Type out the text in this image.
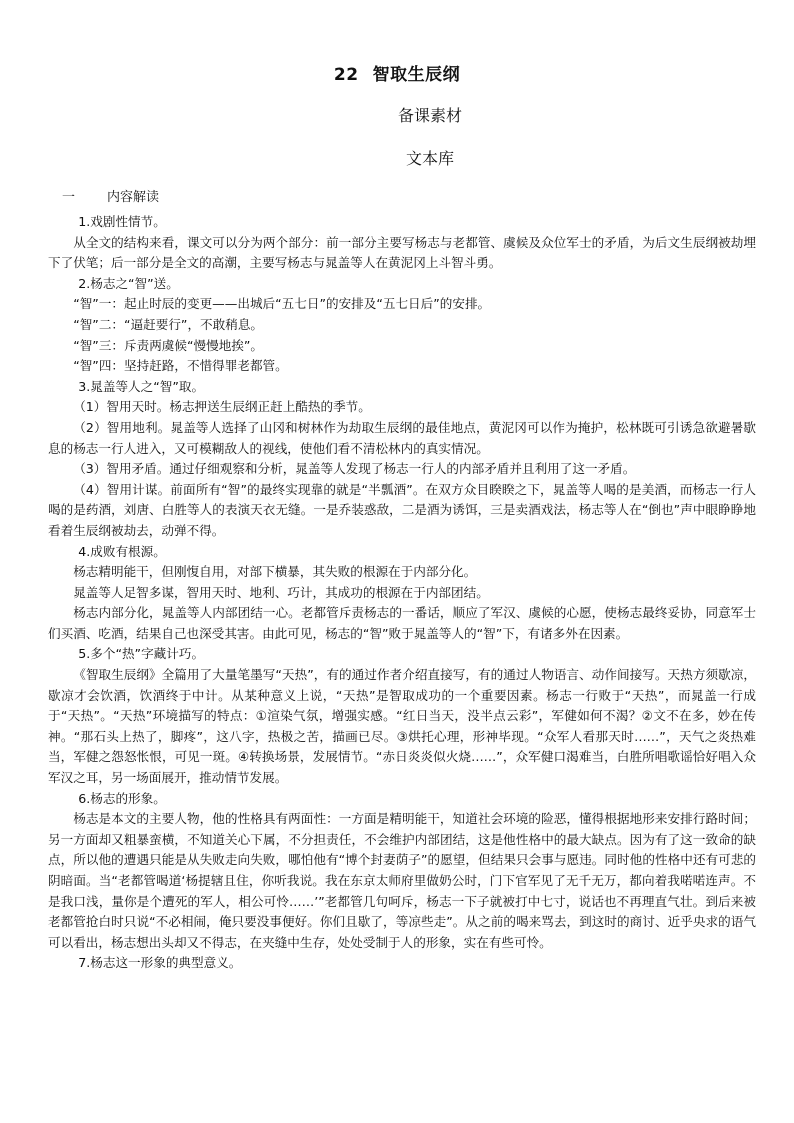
22 智取生辰纲
备课素材
文本库
一 内容解读

1.戏剧性情节。

从全文的结构来看，课文可以分为两个部分：前一部分主要写杨志与老都管、虞候及众位军士的矛盾，为后文生辰纲被劫埋下了伏笔；后一部分是全文的高潮，主要写杨志与晁盖等人在黄泥冈上斗智斗勇。

2.杨志之“智”送。

“智”一：起止时辰的变更——出城后“五七日”的安排及“五七日后”的安排。

“智”二：“逼赶要行”，不敢稍息。

“智”三：斥责两虞候“慢慢地挨”。

“智”四：坚持赶路，不惜得罪老都管。

3.晁盖等人之“智”取。

（1）智用天时。杨志押送生辰纲正赶上酷热的季节。

（2）智用地利。晁盖等人选择了山冈和树林作为劫取生辰纲的最佳地点，黄泥冈可以作为掩护，松林既可引诱急欲避暑歇息的杨志一行人进入，又可模糊敌人的视线，使他们看不清松林内的真实情况。

（3）智用矛盾。通过仔细观察和分析，晁盖等人发现了杨志一行人的内部矛盾并且利用了这一矛盾。

（4）智用计谋。前面所有“智”的最终实现靠的就是“半瓢酒”。在双方众目睽睽之下，晁盖等人喝的是美酒，而杨志一行人喝的是药酒，刘唐、白胜等人的表演天衣无缝。一是乔装惑敌，二是酒为诱饵，三是卖酒戏法，杨志等人在“倒也”声中眼睁睁地看着生辰纲被劫去，动弹不得。

4.成败有根源。

杨志精明能干，但刚愎自用，对部下横暴，其失败的根源在于内部分化。

晁盖等人足智多谋，智用天时、地利、巧计，其成功的根源在于内部团结。

杨志内部分化，晁盖等人内部团结一心。老都管斥责杨志的一番话，顺应了军汉、虞候的心愿，使杨志最终妥协，同意军士们买酒、吃酒，结果自己也深受其害。由此可见，杨志的“智”败于晁盖等人的“智”下，有诸多外在因素。

5.多个“热”字藏计巧。

《智取生辰纲》全篇用了大量笔墨写“天热”，有的通过作者介绍直接写，有的通过人物语言、动作间接写。天热方须歇凉，歇凉才会饮酒，饮酒终于中计。从某种意义上说，“天热”是智取成功的一个重要因素。杨志一行败于“天热”，而晁盖一行成于“天热”。“天热”环境描写的特点：①渲染气氛，增强实感。“红日当天，没半点云彩”，军健如何不渴？②文不在多，妙在传神。“那石头上热了，脚疼”，这八字，热极之苦，描画已尽。③烘托心理，形神毕现。“众军人看那天时……”，天气之炎热难当，军健之怨怒怅恨，可见一斑。④转换场景，发展情节。“赤日炎炎似火烧……”，众军健口渴难当，白胜所唱歌谣恰好唱入众军汉之耳，另一场面展开，推动情节发展。

6.杨志的形象。

杨志是本文的主要人物，他的性格具有两面性：一方面是精明能干，知道社会环境的险恶，懂得根据地形来安排行路时间；另一方面却又粗暴蛮横，不知道关心下属，不分担责任，不会维护内部团结，这是他性格中的最大缺点。因为有了这一致命的缺点，所以他的遭遇只能是从失败走向失败，哪怕他有“博个封妻荫子”的愿望，但结果只会事与愿违。同时他的性格中还有可悲的阴暗面。当“老都管喝道‘杨提辖且住，你听我说。我在东京太师府里做奶公时，门下官军见了无千无万，都向着我喏喏连声。不是我口浅，量你是个遭死的军人，相公可怜……’”老都管几句呵斥，杨志一下子就被打中七寸，说话也不再理直气壮。到后来被老都管抢白时只说“不必相闹，俺只要没事便好。你们且歇了，等凉些走”。从之前的喝来骂去，到这时的商讨、近乎央求的语气可以看出，杨志想出头却又不得志，在夹缝中生存，处处受制于人的形象，实在有些可怜。

7.杨志这一形象的典型意义。
